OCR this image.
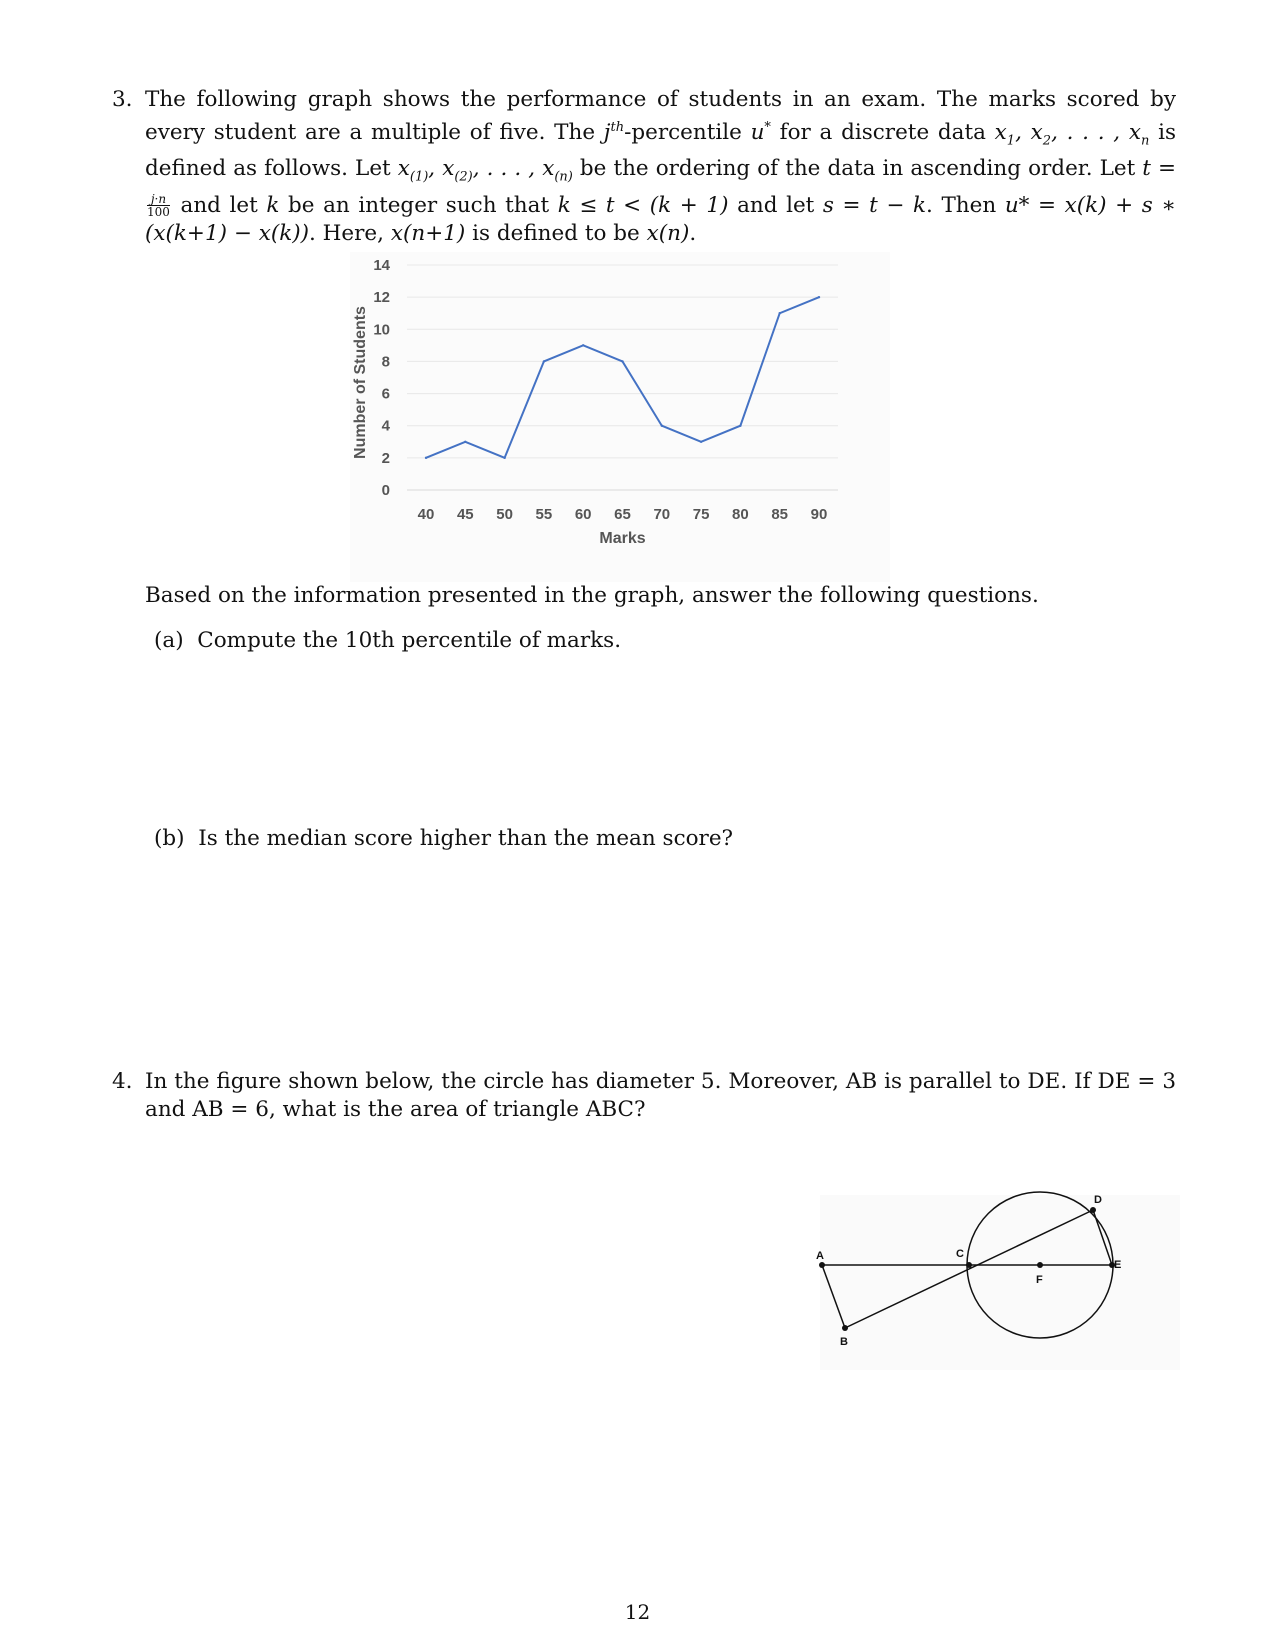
3. The following graph shows the performance of students in an exam. The marks scored by every student are a multiple of five. The $j^{th}$-percentile u* for a discrete data $x_1$, $x_2$, . . . , $x_n$ is defined as follows. Let $x_{(1)}$, $x_{(2)}$, . . . , $x_{(n)}$ be the ordering of the data in ascending order. Let t =
$\frac{j\cdot n}{100}$ and let k be an integer such that k ≤ t < (k + 1) and let s = t − k. Then u* = x(k) + s ∗ (x(k+1) − x(k)). Here, x(n+1) is defined to be x(n).
0
2
4
6
8
10
12
14
40 45 50 55 60 65 70 75 80 85 90
Marks
Number of Students
Based on the information presented in the graph, answer the following questions.
(a) Compute the 10th percentile of marks.
(b) Is the median score higher than the mean score?
4. In the figure shown below, the circle has diameter 5. Moreover, AB is parallel to DE. If DE = 3 and AB = 6, what is the area of triangle ABC?
A
B
C
D
E
F
12
